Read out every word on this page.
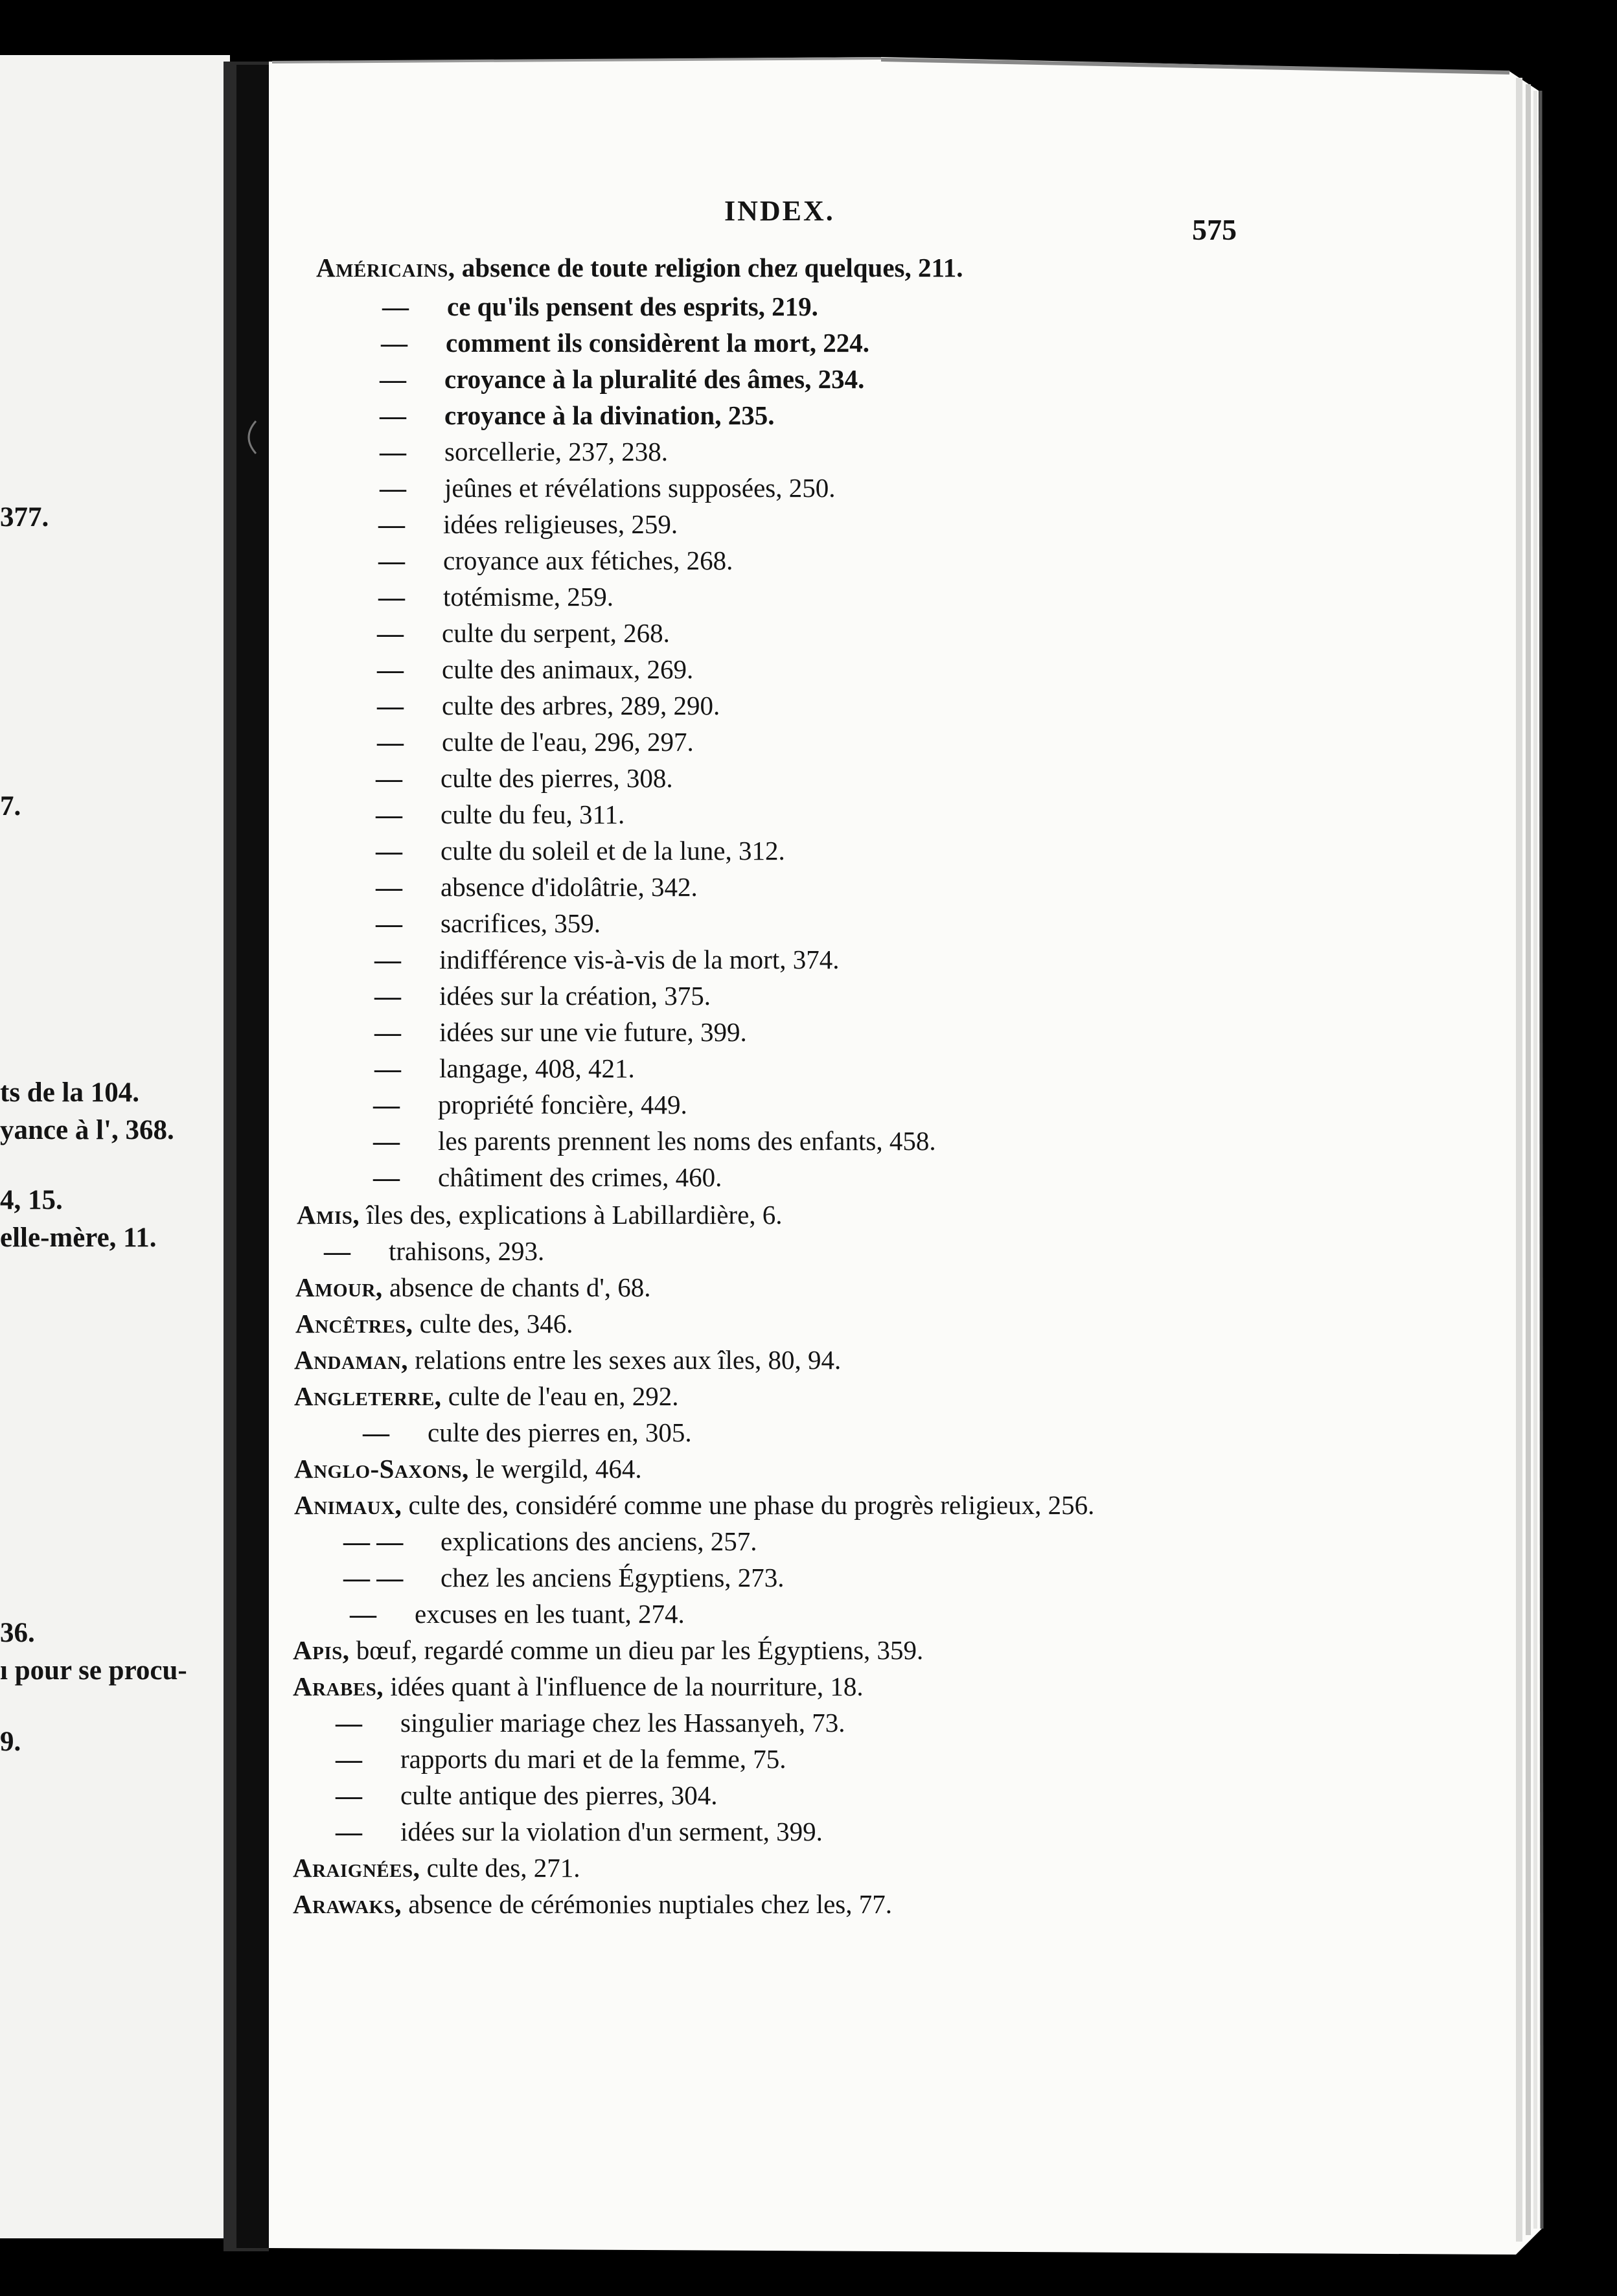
377.
7.
ts de la 104.
yance à l', 368.
4, 15.
elle-mère, 11.
36.
ı pour se procu-
9.
INDEX.
575
Américains, absence de toute religion chez quelques, 211.
— ce qu'ils pensent des esprits, 219.
— comment ils considèrent la mort, 224.
— croyance à la pluralité des âmes, 234.
— croyance à la divination, 235.
— sorcellerie, 237, 238.
— jeûnes et révélations supposées, 250.
— idées religieuses, 259.
— croyance aux fétiches, 268.
— totémisme, 259.
— culte du serpent, 268.
— culte des animaux, 269.
— culte des arbres, 289, 290.
— culte de l'eau, 296, 297.
— culte des pierres, 308.
— culte du feu, 311.
— culte du soleil et de la lune, 312.
— absence d'idolâtrie, 342.
— sacrifices, 359.
— indifférence vis-à-vis de la mort, 374.
— idées sur la création, 375.
— idées sur une vie future, 399.
— langage, 408, 421.
— propriété foncière, 449.
— les parents prennent les noms des enfants, 458.
— châtiment des crimes, 460.
Amis, îles des, explications à Labillardière, 6.
— trahisons, 293.
Amour, absence de chants d', 68.
Ancêtres, culte des, 346.
Andaman, relations entre les sexes aux îles, 80, 94.
Angleterre, culte de l'eau en, 292.
— culte des pierres en, 305.
Anglo-Saxons, le wergild, 464.
Animaux, culte des, considéré comme une phase du progrès religieux, 256.
— — explications des anciens, 257.
— — chez les anciens Égyptiens, 273.
— excuses en les tuant, 274.
Apis, bœuf, regardé comme un dieu par les Égyptiens, 359.
Arabes, idées quant à l'influence de la nourriture, 18.
— singulier mariage chez les Hassanyeh, 73.
— rapports du mari et de la femme, 75.
— culte antique des pierres, 304.
— idées sur la violation d'un serment, 399.
Araignées, culte des, 271.
Arawaks, absence de cérémonies nuptiales chez les, 77.
